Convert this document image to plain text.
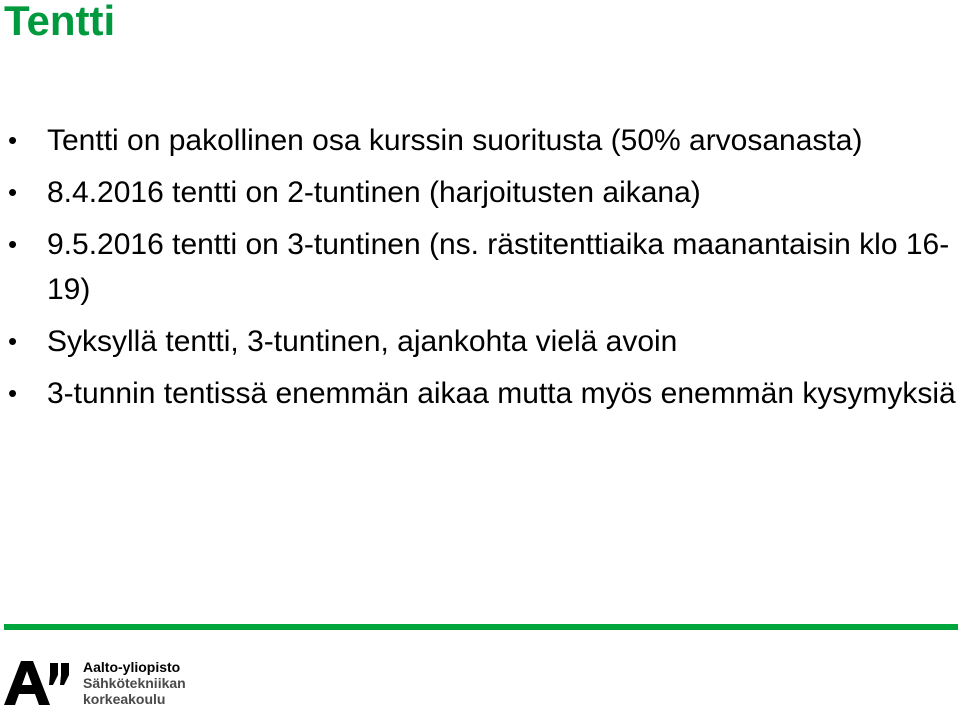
Tentti
• Tentti on pakollinen osa kurssin suoritusta (50% arvosanasta)
• 8.4.2016 tentti on 2-tuntinen (harjoitusten aikana)
• 9.5.2016 tentti on 3-tuntinen (ns. rästitenttiaika maanantaisin klo 16-19)
• Syksyllä tentti, 3-tuntinen, ajankohta vielä avoin
• 3-tunnin tentissä enemmän aikaa mutta myös enemmän kysymyksiä
Aalto-yliopisto
Sähkötekniikan
korkeakoulu
